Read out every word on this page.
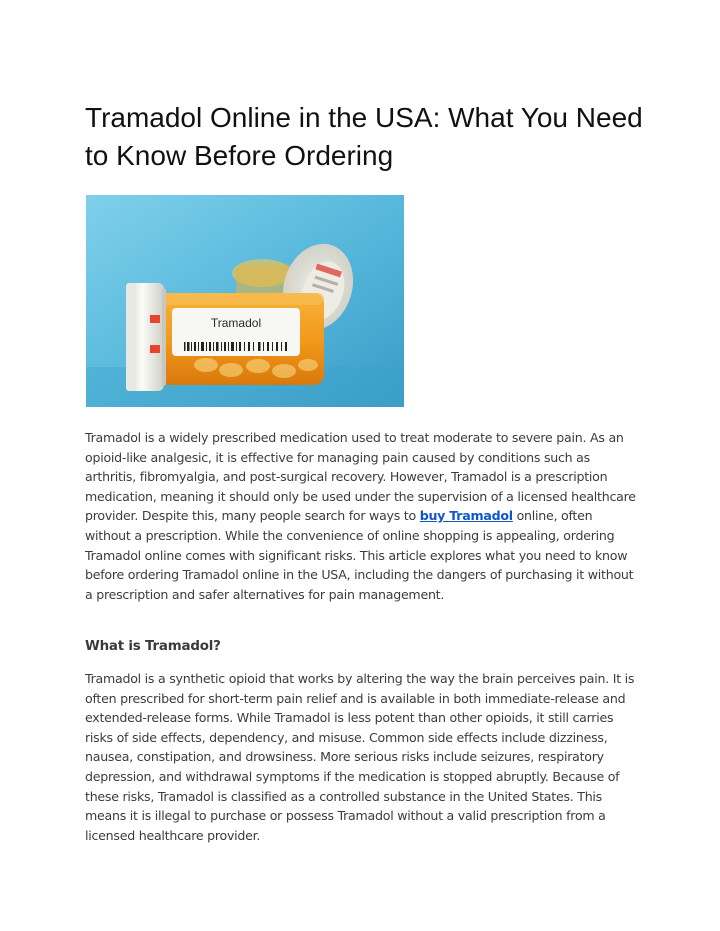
Tramadol Online in the USA: What You Need to Know Before Ordering
Tramadol

Tramadol is a widely prescribed medication used to treat moderate to severe pain. As an opioid-like analgesic, it is effective for managing pain caused by conditions such as arthritis, fibromyalgia, and post-surgical recovery. However, Tramadol is a prescription medication, meaning it should only be used under the supervision of a licensed healthcare provider. Despite this, many people search for ways to buy Tramadol online, often without a prescription. While the convenience of online shopping is appealing, ordering Tramadol online comes with significant risks. This article explores what you need to know before ordering Tramadol online in the USA, including the dangers of purchasing it without a prescription and safer alternatives for pain management.

What is Tramadol?

Tramadol is a synthetic opioid that works by altering the way the brain perceives pain. It is often prescribed for short-term pain relief and is available in both immediate-release and extended-release forms. While Tramadol is less potent than other opioids, it still carries risks of side effects, dependency, and misuse. Common side effects include dizziness, nausea, constipation, and drowsiness. More serious risks include seizures, respiratory depression, and withdrawal symptoms if the medication is stopped abruptly. Because of these risks, Tramadol is classified as a controlled substance in the United States. This means it is illegal to purchase or possess Tramadol without a valid prescription from a licensed healthcare provider.
